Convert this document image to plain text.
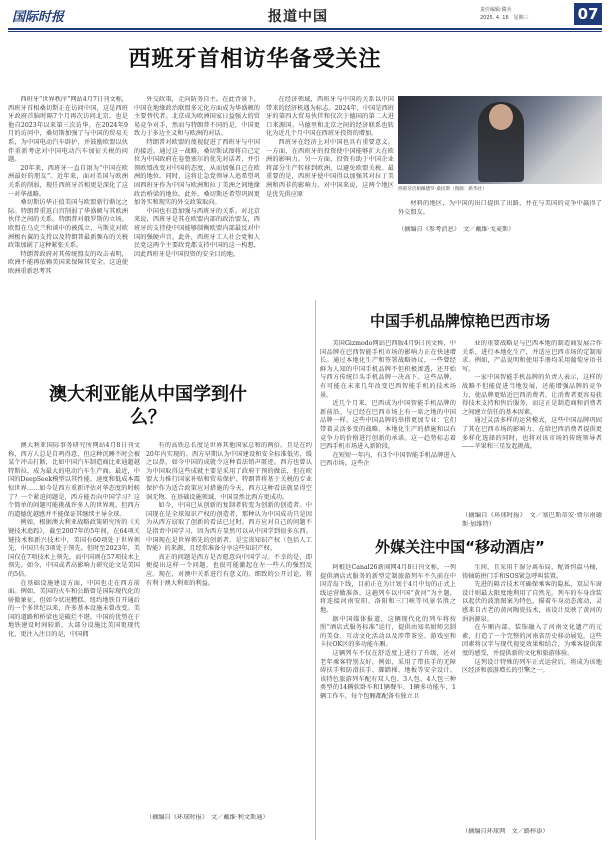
国际时报	报道中国	责任编辑:隋兵
2025. 4. 16　星期三	07
西班牙首相访华备受关注

西班牙“世界秩序”网站4月7日刊文称，西班牙首相桑切斯正在访问中国，这是西班牙政府首脑时隔7个月再次访问北京，也是他自2023年以来第三次访华。在2024年9月的访问中，桑切斯加强了与中国的贸易关系，为中国电动汽车辟护，并鼓励欧盟以伙伴重新考虑对中国电动汽车加征关税的问题。

20年来，西班牙一直自诩为“中国在欧洲最好的朋友”。近年来，面对美国与欧洲关系的削弱，现任西班牙首相更是深化了这一对华战略。

桑切斯访华正值美国与欧盟新行渐远之际。特朗普重返白宫削弱了华盛顿与其欧洲伙伴之间的关系。特朗普对俄罗斯的立场、欧盟在乌克兰和谈中的被孤立、马斯克对欧洲极右翼的支持以及特朗普最新频布的关税政策加剧了这种紧张关系。

特朗普政府对其传统盟友的攻击表明，欧洲不能再依赖美国来保障其安全。这迫使欧洲重新思考其

外交政策，走向防务自主。在此背景下，中国在地缘政治联盟多元化方面成为华盛顿的主要替代者。北京成为欧洲国家日益强大的贸易竞争对手，然而与特朗普不同的是，中国更致力于多边主义和与欧洲的对话。

特朗普对欧盟的蔑视促进了西班牙与中国的接近。通过这一战略，桑切斯试图将自己定位为中国政府在卷鲁塞尔的优先对话者，并引领欧盟改变对中国的态度，从而加强自己在欧洲的地位。同时，这将让急党领导人追希望巩固西班牙作为中国与欧洲和拉丁美洲之间地缘政治桥梁的地位。此外，桑切斯还希望巩固更加务实和现实的外交政策取向。

中国也有意加强与西班牙的关系。对北京来说，西班牙是其在欧盟内部的政治盟友，西班牙的支持使中国能够制衡欧盟内部最反对中国的强硬声音。此外，西班牙工人社会党和人民党这两个主要政党都支持中国的这一构想，因此西班牙是中国投资的安全目的地。

在经济领域，西班牙与中国的关系以中国带来的经济机遇为标志。2024年，中国是西班牙的第四大贸易伙伴和仅次于德国的第二大进口来源国。马德里和北京之间的经济联系也转化为近几个月中国在西班牙投资的增加。

西班牙在经济上对中国也具有重要意义。一方面，在西班牙的投资使中国能够扩大在欧洲的影响力。另一方面，投资有助于中国企业将部分生产转移到欧洲，以避免欧盟关税。最重要的是，西班牙使中国得以加强其对拉丁美洲和西非的影响力。对中国来说，这两个地区是优先供应原

材料的地区，为中国的出口提供了出路，并在与美国的竞争中赢得了外交盟友。

（摘编自《参考消息》　文／戴维·戈麦斯）

西班牙首相佩德罗·桑切斯（图源：新华社）
澳大利亚能从中国学到什么？

澳大利亚国际事务研究所网站4月8日刊文称，西方人总是自鸣得意，但这种沉睡不时会被某个冲击打断，比如中国汽车制造商比亚迪超越特斯拉，成为最大的电动汽车生产商。最近，中国的DeepSeek模型以其性能、速度和低成本震惊世界……如今是西方重新评估对华态度的时候了？一个紧迫问题是，西方能否向中国学习？这个简单的问题可能挑战许多人的世界观，但西方的道德优越感并不能保证其继续主导全球。

例如，根据澳大利亚战略政策研究所的《关键技术追踪》，截至2007年的5年间，在64项关键技术和新兴技术中，美国有60项处于世界领先，中国只有3项处于领先。但时至2023年，美国仅在7项技术上领先，而中国则在57项技术上领先。如今，中国或者高影响力研究论文是美国的5倍。

在基础设施建设方面，中国也走在西方前面。例如，美国的火车和公路曾是国际现代化的骄傲象征，但如今状况糟糕。纽约地铁自开通后的一个多世纪以来，许多基本设施未曾改变。美国的道路和桥梁也是破烂不堪。中国的优势在于地铁建设时间较新，大部分设施比美国更现代化，更注入注目的是，中国拥

有的高铁总长度是世界其他国家总和的两倍。且是在约20年内实现的。西方早期认为中国建设和安全标准低劣，缓之以鼻，如今中国的成就令这种看法销声匿迹。西方也曾认为中国取得这些成就主要是采用了政府干预的做法，但在欧盟大力推行国家补贴和贸易保护、特朗普将基于关税的专业保护作为适合政策应对措施的今天，西方这种看法就显得空洞无物。在基础设施领域，中国显然比西方更成功。

如今，中国已从创新的复制者转变为创新的创造者。中国现在是全球知识产权的创造者，那种认为中国成功只是因为从西方窃取了创新的看法已过时。西方应对自己的问题不是指责中国学习，因为西方显然可以从中国学到很多东西。中国现在是世界领先的创新者，是宝贵知识产权（包括人工智能）的来源，且经常准备分享这些知识产权。

真正的问题是西方是否愿意向中国学习。不幸的是，即便提出这样一个问题，也很可能激起在左一些人的强烈反应。现在，对澳中关系进行有意义的、细致的公开讨论，将有利于澳大利亚的利益。

（摘编自《环球时报》　文／戴维·利文斯通）

中国手机品牌惊艳巴西市场

美国Gizmodo网站巴西版4月9日刊文称，中国品牌在巴西智能手机市场的影响力正在快速增长。通过本地化生产和签署战略协议，一些曾经鲜为人知的中国手机品牌不但积极渗透，还开始与西方传统巨头手机品牌一决高下。这些品牌，有可能在未来几年改变巴西智能手机的技术场景。

近几个月来，巴西成为中国智能手机品牌的新前沿。与已经在巴西市场上有一席之地的中国品牌一样，这些中国品牌的举措更加专业：它们带着灵活多变的战略、本地化生产的措施和以有竞争力的价格进行创新的承诺。这一趋势标志着巴西手机市场进入新阶段。

在短短一年内，有3个中国智能手机品牌进入巴西市场。这些企

业的重要战略是与巴西本地的制造商发展合作关系，进行本地化生产，并适应巴西市场的定制需求。例如，产品说明和使用手册均采用葡萄牙语书写。

一家中国智能手机品牌的负责人表示，这样的战略不但能促进当地发展，还能增强品牌的竞争力，使品牌更贴近巴西消费者，让消费者更容易获得技术支持和售后服务，而这正是制造商和消费者之间建立信任的基本因素。

通过灵活多样的运营模式，这些中国品牌巩固了其在巴西市场的影响力，在给巴西消费者提供更多样化选择的同时，也将对该市场的传统领导者——苹果和三星发起挑战。

（摘编自《环球时报》　文／塞巴斯蒂安·费尔南德斯·加维特）

外媒关注中国“移动酒店”

阿根廷Canal26新闻网4月8日刊文称，一列提供酒店式服务的新型定制旅游列车不久前在中国青岛下线，目前正在为计划于4月中旬的正式上线运营做准备。这趟列车以中国“黄河”为主题，将连接河南安阳、洛阳和三门峡等风景名胜之地。

据中国媒体报道，这辆现代化的列车将按照“酒店式服务标准”运行，提供由知名厨师烹制的美食、互动文化活动以及涉带茶室、游戏室和卡拉OK区的多功能车厢。

这辆列车不仅在舒适度上进行了升级，还对老年乘客特别友好，例如，采用了带扶手的无障碍扶手和防滑扶手、脚踏梯、地板等安全设计。该特色旅游列车配有双人包、3人包、4人包三种类型的14辆软卧车和1辆餐车、1辆多功能车、1辆工作车，每个包厢都配备有独立卫

生间，且采用干湿分离布局，配备恒温马桶，铸轴防拼门手和SOS紧急呼叫装置。

先进的隔音技术可确保乘客的隐私，双层车窗设计则最大限度地利用了自然光。列车的车身涂装以起伏的波浪图案为特色，描着车身动态流动，灵感来自古老的黄河陶瓷技术，该设计反映了黄河的涓涓源泉。

在车厢内部，装饰融入了河南文化遗产的元素，打造了一个完整的河南省历史移动展览。这些因素将汉字与现代视觉效果相结合，为乘客提供深度的感受，并提供新的文化和旅游体验。

这列设计特殊的列车正式运营后，将成为该地区经济和旅游增长的引擎之一。

（摘编自环球网　文／路梓添）
